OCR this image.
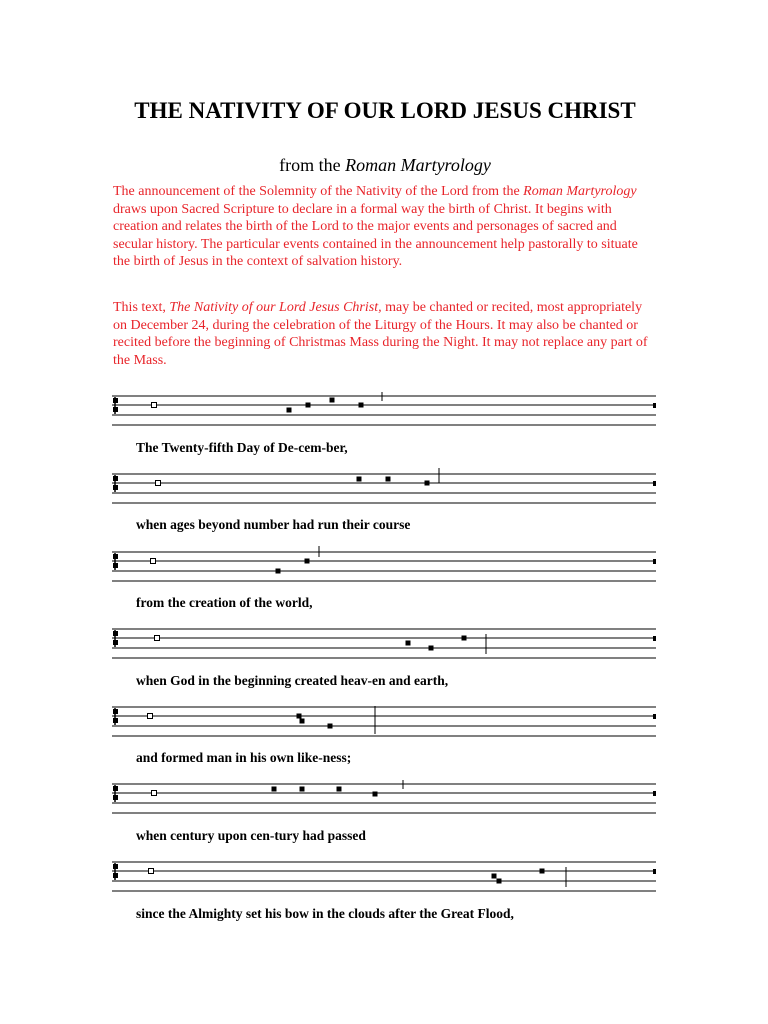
THE NATIVITY OF OUR LORD JESUS CHRIST
from the Roman Martyrology
The announcement of the Solemnity of the Nativity of the Lord from the Roman Martyrology draws upon Sacred Scripture to declare in a formal way the birth of Christ. It begins with creation and relates the birth of the Lord to the major events and personages of sacred and secular history. The particular events contained in the announcement help pastorally to situate the birth of Jesus in the context of salvation history.
This text, The Nativity of our Lord Jesus Christ, may be chanted or recited, most appropriately on December 24, during the celebration of the Liturgy of the Hours. It may also be chanted or recited before the beginning of Christmas Mass during the Night. It may not replace any part of the Mass.
The Twenty-fifth Day of De-cem-ber,
when ages beyond number had run their course
from the creation of the world,
when God in the beginning created heav-en and earth,
and formed man in his own like-ness;
when century upon cen-tury had passed
since the Almighty set his bow in the clouds after the Great Flood,
